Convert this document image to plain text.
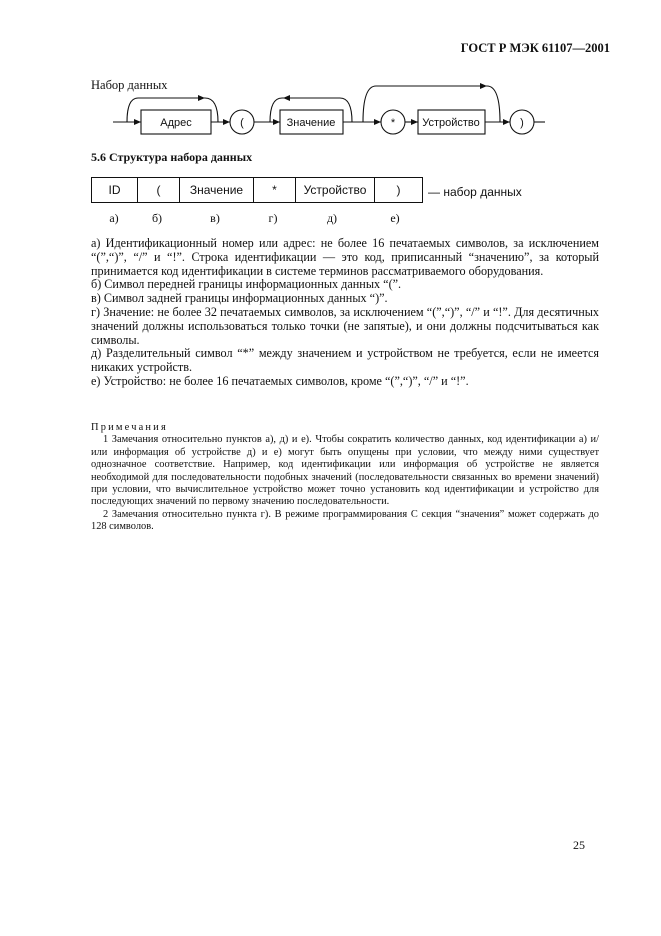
ГОСТ Р МЭК 61107—2001
Набор данных
Адрес	(	Значение	* Устройство	)
5.6 Структура набора данных
ID	(	Значение	*	Устройство	) — набор данных
а)	б)	в)	г)	д)	е)

а) Идентификационный номер или адрес: не более 16 печатаемых символов, за исключением “(”,“)”, “/” и “!”. Строка идентификации — это код, приписанный “значению”, за который принимается код идентификации в системе терминов рассматриваемого оборудования.

б) Символ передней границы информационных данных “(”.

в) Символ задней границы информационных данных “)”.

г) Значение: не более 32 печатаемых символов, за исключением “(”,“)”, “/” и “!”. Для десятичных значений должны использоваться только точки (не запятые), и они должны подсчитываться как символы.

д) Разделительный символ “*” между значением и устройством не требуется, если не имеется никаких устройств.

е) Устройство: не более 16 печатаемых символов, кроме “(”,“)”, “/” и “!”.

Примечания

1 Замечания относительно пунктов а), д) и е). Чтобы сократить количество данных, код идентификации а) и/или информация об устройстве д) и е) могут быть опущены при условии, что между ними существует однозначное соответствие. Например, код идентификации или информация об устройстве не является необходимой для последовательности подобных значений (последовательности связанных во времени значений) при условии, что вычислительное устройство может точно установить код идентификации и устройство для последующих значений по первому значению последовательности.

2 Замечания относительно пункта г). В режиме программирования С секция “значения” может содержать до 128 символов.

25
